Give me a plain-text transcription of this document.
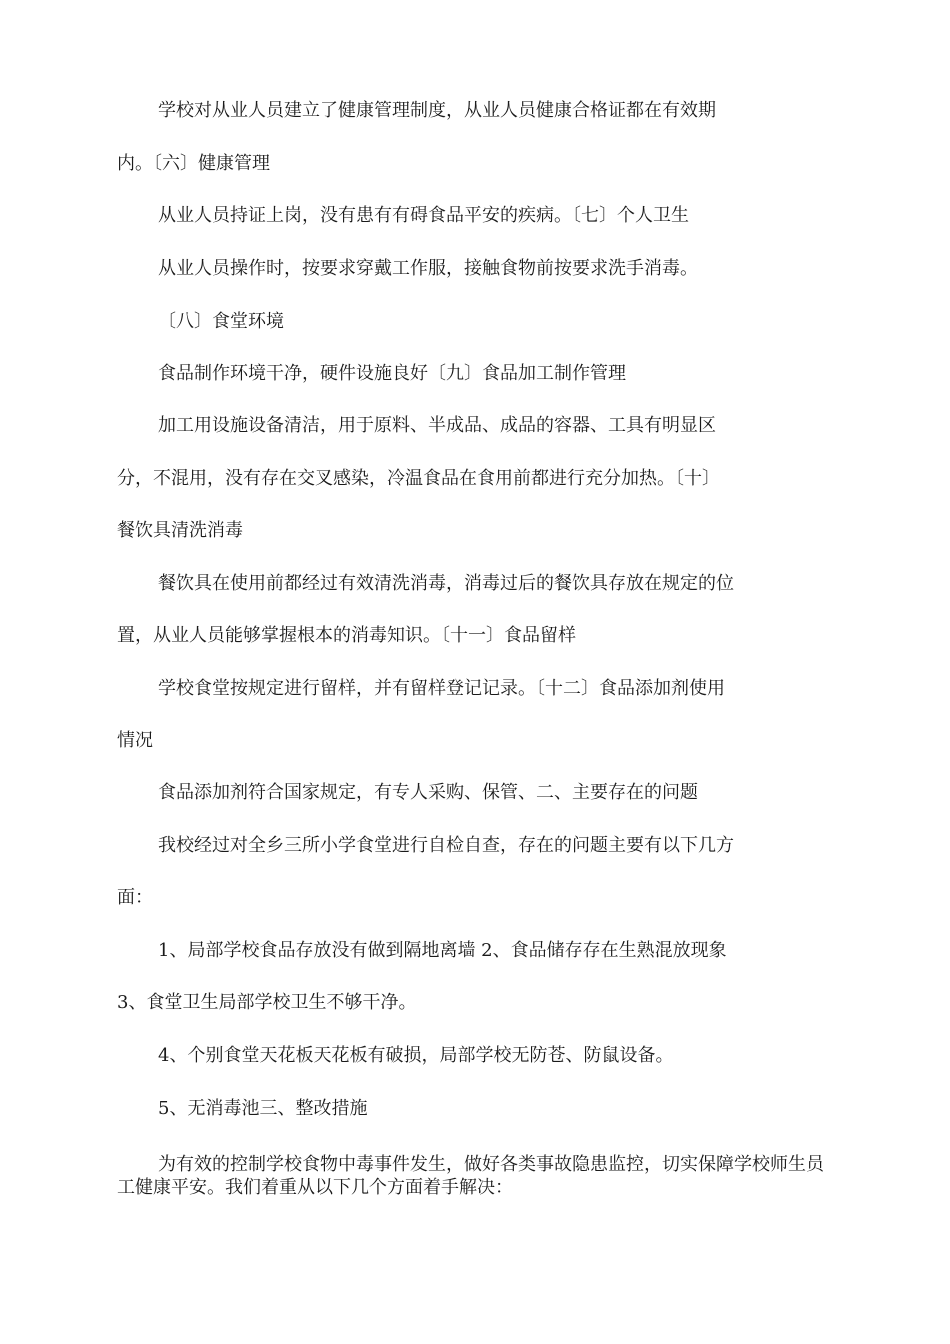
学校对从业人员建立了健康管理制度，从业人员健康合格证都在有效期
内。〔六〕健康管理
从业人员持证上岗，没有患有有碍食品平安的疾病。〔七〕个人卫生
从业人员操作时，按要求穿戴工作服，接触食物前按要求洗手消毒。
〔八〕食堂环境
食品制作环境干净，硬件设施良好〔九〕食品加工制作管理
加工用设施设备清洁，用于原料、半成品、成品的容器、工具有明显区
分，不混用，没有存在交叉感染，冷温食品在食用前都进行充分加热。〔十〕
餐饮具清洗消毒
餐饮具在使用前都经过有效清洗消毒，消毒过后的餐饮具存放在规定的位
置，从业人员能够掌握根本的消毒知识。〔十一〕食品留样
学校食堂按规定进行留样，并有留样登记记录。〔十二〕食品添加剂使用
情况
食品添加剂符合国家规定，有专人采购、保管、二、主要存在的问题
我校经过对全乡三所小学食堂进行自检自查，存在的问题主要有以下几方
面：
1、局部学校食品存放没有做到隔地离墙 2、食品储存存在生熟混放现象
3、食堂卫生局部学校卫生不够干净。
4、个别食堂天花板天花板有破损，局部学校无防苍、防鼠设备。
5、无消毒池三、整改措施
为有效的控制学校食物中毒事件发生，做好各类事故隐患监控，切实保障学校师生员工健康平安。我们着重从以下几个方面着手解决：
